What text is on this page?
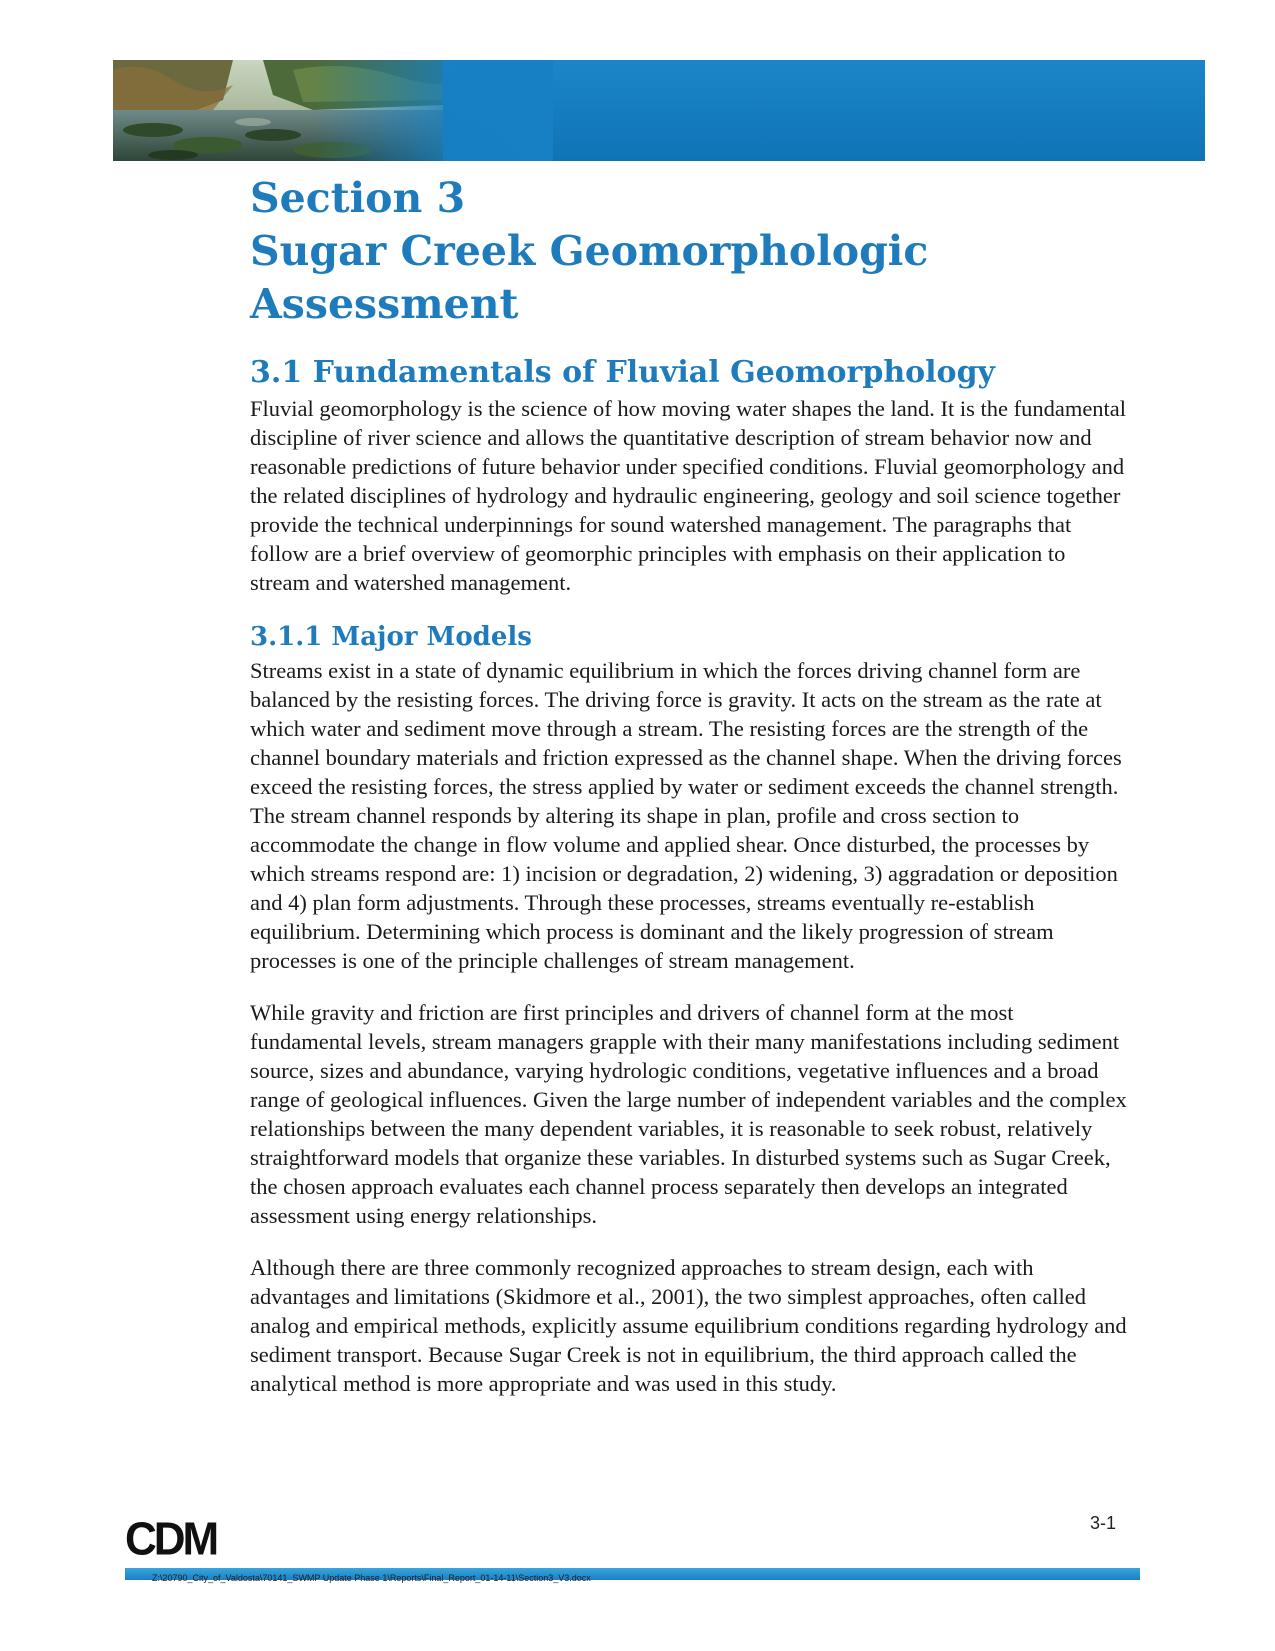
Section 3
Sugar Creek Geomorphologic Assessment
3.1 Fundamentals of Fluvial Geomorphology

Fluvial geomorphology is the science of how moving water shapes the land. It is the fundamental discipline of river science and allows the quantitative description of stream behavior now and reasonable predictions of future behavior under specified conditions. Fluvial geomorphology and the related disciplines of hydrology and hydraulic engineering, geology and soil science together provide the technical underpinnings for sound watershed management. The paragraphs that follow are a brief overview of geomorphic principles with emphasis on their application to stream and watershed management.

3.1.1 Major Models

Streams exist in a state of dynamic equilibrium in which the forces driving channel form are balanced by the resisting forces. The driving force is gravity. It acts on the stream as the rate at which water and sediment move through a stream. The resisting forces are the strength of the channel boundary materials and friction expressed as the channel shape. When the driving forces exceed the resisting forces, the stress applied by water or sediment exceeds the channel strength. The stream channel responds by altering its shape in plan, profile and cross section to accommodate the change in flow volume and applied shear. Once disturbed, the processes by which streams respond are: 1) incision or degradation, 2) widening, 3) aggradation or deposition and 4) plan form adjustments. Through these processes, streams eventually re-establish equilibrium. Determining which process is dominant and the likely progression of stream processes is one of the principle challenges of stream management.

While gravity and friction are first principles and drivers of channel form at the most fundamental levels, stream managers grapple with their many manifestations including sediment source, sizes and abundance, varying hydrologic conditions, vegetative influences and a broad range of geological influences. Given the large number of independent variables and the complex relationships between the many dependent variables, it is reasonable to seek robust, relatively straightforward models that organize these variables. In disturbed systems such as Sugar Creek, the chosen approach evaluates each channel process separately then develops an integrated assessment using energy relationships.

Although there are three commonly recognized approaches to stream design, each with advantages and limitations (Skidmore et al., 2001), the two simplest approaches, often called analog and empirical methods, explicitly assume equilibrium conditions regarding hydrology and sediment transport. Because Sugar Creek is not in equilibrium, the third approach called the analytical method is more appropriate and was used in this study.

CDM	3-1
Z:\20790_City_of_Valdosta\70141_SWMP Update Phase 1\Reports\Final_Report_01-14-11\Section3_V3.docx
